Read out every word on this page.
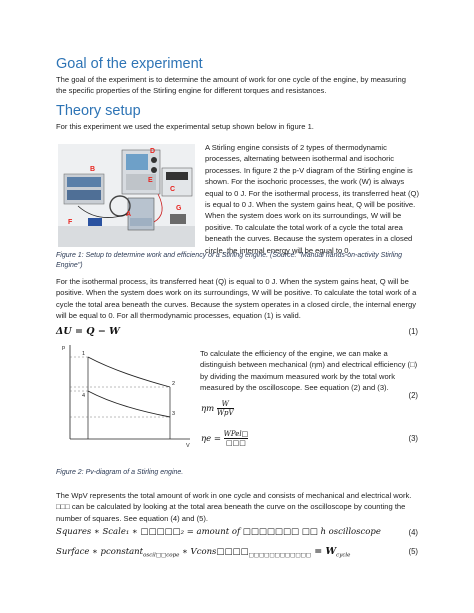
Goal of the experiment
The goal of the experiment is to determine the amount of work for one cycle of the engine, by measuring the specific properties of the Stirling engine for different torques and resistances.
Theory setup
For this experiment we used the experimental setup shown below in figure 1.
D
B
C
E
F
A
G
A Stirling engine consists of 2 types of thermodynamic processes, alternating between isothermal and isochoric processes. In figure 2 the p-V diagram of the Stirling engine is shown. For the isochoric processes, the work (W) is always equal to 0 J. For the isothermal process, its transferred heat (Q) is equal to 0 J. When the system gains heat, Q will be positive. When the system does work on its surroundings, W will be positive. To calculate the total work of a cycle the total area beneath the curves. Because the system operates in a closed circle, the internal energy will be equal to 0.
Figure 1: Setup to determine work and efficiency of a Stirling engine. (Source: "Manual hands-on-activity Stirling Engine")
For the isothermal process, its transferred heat (Q) is equal to 0 J. When the system gains heat, Q will be positive. When the system does work on its surroundings, W will be positive. To calculate the total work of a cycle the total area beneath the curves. Because the system operates in a closed circle, the internal energy will be equal to 0. For all thermodynamic processes, equation (1) is valid.
ΔU = Q − W	(1)
p
V
1
2
3
4
To calculate the efficiency of the engine, we can make a distinguish between mechanical (ηm) and electrical efficiency (□) by dividing the maximum measured work by the total work measured by the oscilloscope. See equation (2) and (3).
(2)
ηm	W
WpV
ηe = WPel□
□□□	(3)
Figure 2: Pv-diagram of a Stirling engine.
The WpV represents the total amount of work in one cycle and consists of mechanical and electrical work. □□□ can be calculated by looking at the total area beneath the curve on the oscilloscope by counting the number of squares. See equation (4) and (5).
Squares ∗ Scale₁ ∗ □□□□□₂ = amount of □□□□□□□ □□ h oscilloscope	(4)
Surface ∗ pconstant$_{oscil□□cope}$ ∗ $Vcons□□□□_{□□□□□□□□□□□□} = W_{cycle}$	(5)
